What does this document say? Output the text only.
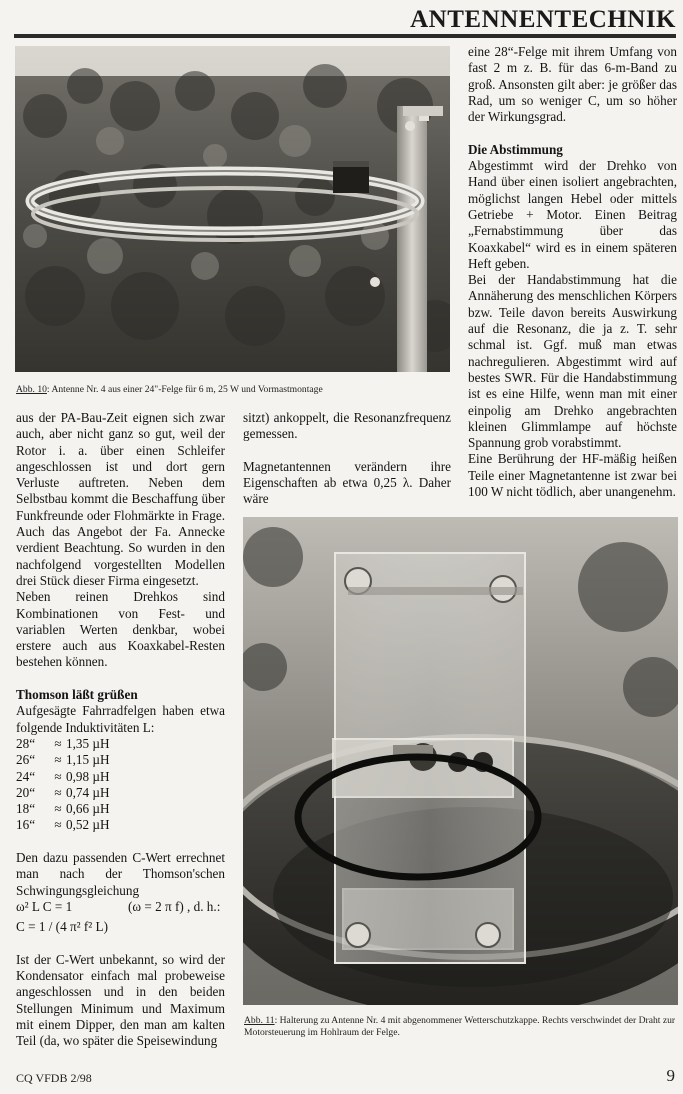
ANTENNENTECHNIK
Abb. 10: Antenne Nr. 4 aus einer 24"-Felge für 6 m, 25 W und Vormastmontage

aus der PA-Bau-Zeit eignen sich zwar auch, aber nicht ganz so gut, weil der Rotor i. a. über einen Schleifer angeschlossen ist und dort gern Verluste auftreten. Neben dem Selbstbau kommt die Beschaffung über Funkfreunde oder Flohmärkte in Frage. Auch das Angebot der Fa. Annecke verdient Beachtung. So wurden in den nachfolgend vorgestellten Modellen drei Stück dieser Firma eingesetzt.

Neben reinen Drehkos sind Kombinationen von Fest- und variablen Werten denkbar, wobei erstere auch aus Koaxkabel-Resten bestehen können.

Thomson läßt grüßen

Aufgesägte Fahrradfelgen haben etwa folgende Induktivitäten L:

28“	≈ 1,35 µH
26“	≈ 1,15 µH
24“	≈ 0,98 µH
20“	≈ 0,74 µH
18“	≈ 0,66 µH
16“	≈ 0,52 µH

Den dazu passenden C-Wert errechnet man nach der Thomson'schen Schwingungsgleichung

ω² L C = 1	(ω = 2 π f) , d. h.:

C = 1 / (4 π² f² L)

Ist der C-Wert unbekannt, so wird der Kondensator einfach mal probeweise angeschlossen und in den beiden Stellungen Minimum und Maximum mit einem Dipper, den man am kalten Teil (da, wo später die Speisewindung

sitzt) ankoppelt, die Resonanzfrequenz gemessen.

Magnetantennen verändern ihre Eigenschaften ab etwa 0,25 λ. Daher wäre

eine 28“-Felge mit ihrem Umfang von fast 2 m z. B. für das 6-m-Band zu groß. Ansonsten gilt aber: je größer das Rad, um so weniger C, um so höher der Wirkungsgrad.

Die Abstimmung

Abgestimmt wird der Drehko von Hand über einen isoliert angebrachten, möglichst langen Hebel oder mittels Getriebe + Motor. Einen Beitrag „Fernabstimmung über das Koaxkabel“ wird es in einem späteren Heft geben.

Bei der Handabstimmung hat die Annäherung des menschlichen Körpers bzw. Teile davon bereits Auswirkung auf die Resonanz, die ja z. T. sehr schmal ist. Ggf. muß man etwas nachregulieren. Abgestimmt wird auf bestes SWR. Für die Handabstimmung ist es eine Hilfe, wenn man mit einer einpolig am Drehko angebrachten kleinen Glimmlampe auf höchste Spannung grob vorabstimmt.

Eine Berührung der HF-mäßig heißen Teile einer Magnetantenne ist zwar bei 100 W nicht tödlich, aber unangenehm.

Abb. 11: Halterung zu Antenne Nr. 4 mit abgenommener Wetterschutzkappe. Rechts verschwindet der Draht zur Motorsteuerung im Hohlraum der Felge.
CQ VFDB 2/98	9
